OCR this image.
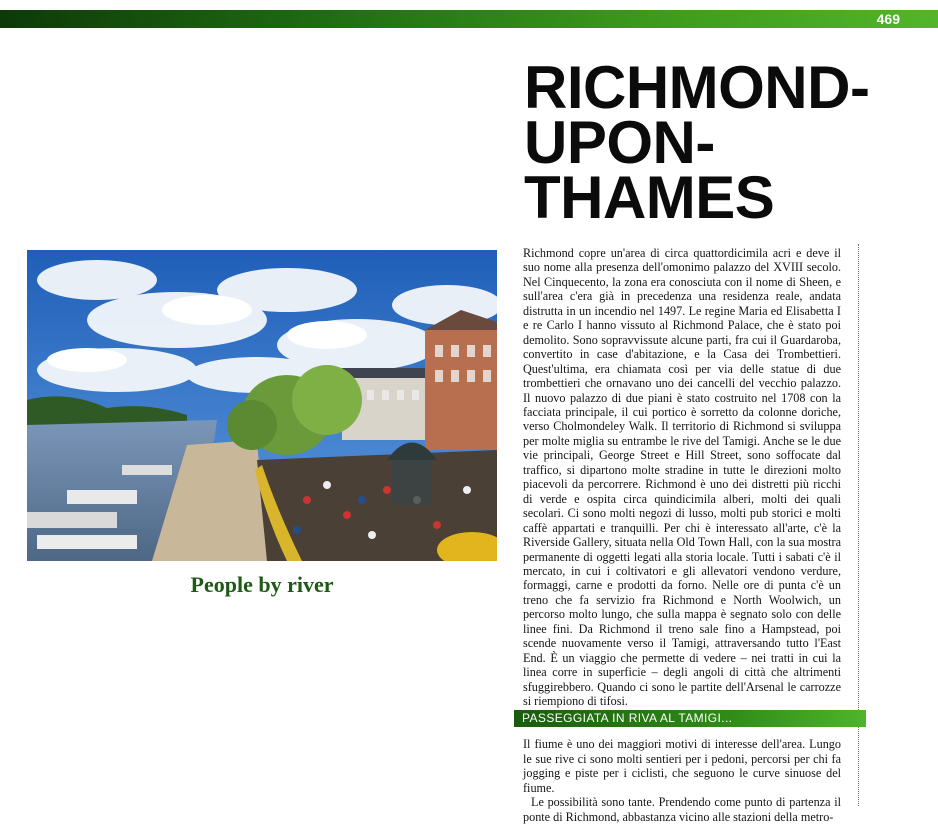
469
RICHMOND-
UPON-
THAMES
People by river
Richmond copre un'area di circa quattordicimila acri e deve il suo nome alla presenza dell'omonimo palazzo del XVIII secolo. Nel Cinquecento, la zona era conosciuta con il nome di Sheen, e sull'area c'era già in precedenza una residenza reale, andata distrutta in un incendio nel 1497. Le regine Maria ed Elisabetta I e re Carlo I hanno vissuto al Richmond Palace, che è stato poi demolito. Sono sopravvissute alcune parti, fra cui il Guardaroba, convertito in case d'abitazione, e la Casa dei Trombettieri. Quest'ultima, era chiamata così per via delle statue di due trombettieri che ornavano uno dei cancelli del vecchio palazzo. Il nuovo palazzo di due piani è stato costruito nel 1708 con la facciata principale, il cui portico è sorretto da colonne doriche, verso Cholmondeley Walk. Il territorio di Richmond si sviluppa per molte miglia su entrambe le rive del Tamigi. Anche se le due vie principali, George Street e Hill Street, sono soffocate dal traffico, si dipartono molte stradine in tutte le direzioni molto piacevoli da percorrere. Richmond è uno dei distretti più ricchi di verde e ospita circa quindicimila alberi, molti dei quali secolari. Ci sono molti negozi di lusso, molti pub storici e molti caffè appartati e tranquilli. Per chi è interessato all'arte, c'è la Riverside Gallery, situata nella Old Town Hall, con la sua mostra permanente di oggetti legati alla storia locale. Tutti i sabati c'è il mercato, in cui i coltivatori e gli allevatori vendono verdure, formaggi, carne e prodotti da forno. Nelle ore di punta c'è un treno che fa servizio fra Richmond e North Woolwich, un percorso molto lungo, che sulla mappa è segnato solo con delle linee fini. Da Richmond il treno sale fino a Hampstead, poi scende nuovamente verso il Tamigi, attraversando tutto l'East End. È un viaggio che permette di vedere – nei tratti in cui la linea corre in superficie – degli angoli di città che altrimenti sfuggirebbero. Quando ci sono le partite dell'Arsenal le carrozze si riempiono di tifosi.
PASSEGGIATA IN RIVA AL TAMIGI...

Il fiume è uno dei maggiori motivi di interesse dell'area. Lungo le sue rive ci sono molti sentieri per i pedoni, percorsi per chi fa jogging e piste per i ciclisti, che seguono le curve sinuose del fiume.

Le possibilità sono tante. Prendendo come punto di partenza il ponte di Richmond, abbastanza vicino alle stazioni della metro-
